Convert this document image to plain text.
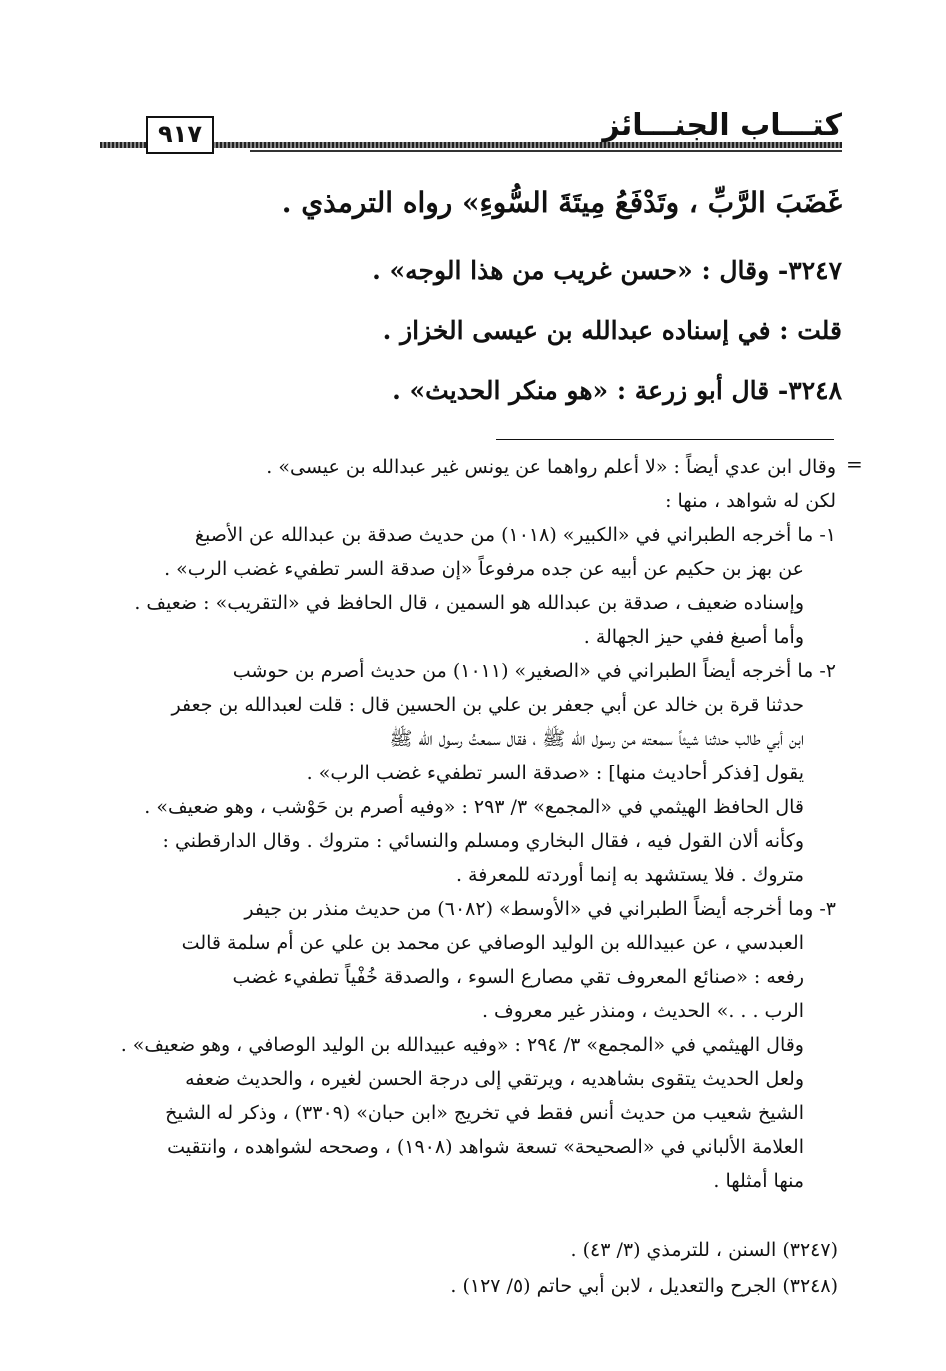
كتـــاب الجنـــائز
٩١٧
غَضَبَ الرَّبِّ ، وتَدْفَعُ مِيتَةَ السُّوءِ» رواه الترمذي .
٣٢٤٧- وقال : «حسن غريب من هذا الوجه» .
قلت : في إسناده عبدالله بن عيسى الخزاز .
٣٢٤٨- قال أبو زرعة : «هو منكر الحديث» .
=

وقال ابن عدي أيضاً : «لا أعلم رواهما عن يونس غير عبدالله بن عيسى» .

لكن له شواهد ، منها :

١- ما أخرجه الطبراني في «الكبير» (١٠١٨) من حديث صدقة بن عبدالله عن الأصبغ

عن بهز بن حكيم عن أبيه عن جده مرفوعاً «إن صدقة السر تطفيء غضب الرب» .

وإسناده ضعيف ، صدقة بن عبدالله هو السمين ، قال الحافظ في «التقريب» : ضعيف .

وأما أصبغ ففي حيز الجهالة .

٢- ما أخرجه أيضاً الطبراني في «الصغير» (١٠١١) من حديث أصرم بن حوشب

حدثنا قرة بن خالد عن أبي جعفر بن علي بن الحسين قال : قلت لعبدالله بن جعفر

ابن أبي طالب حدثنا شيئاً سمعته من رسول الله ﷺ ، فقال سمعتُ رسول الله ﷺ

يقول [فذكر أحاديث منها] : «صدقة السر تطفيء غضب الرب» .

قال الحافظ الهيثمي في «المجمع» ٣/ ٢٩٣ : «وفيه أصرم بن حَوْشب ، وهو ضعيف» .

وكأنه ألان القول فيه ، فقال البخاري ومسلم والنسائي : متروك . وقال الدارقطني :

متروك . فلا يستشهد به إنما أوردته للمعرفة .

٣- وما أخرجه أيضاً الطبراني في «الأوسط» (٦٠٨٢) من حديث منذر بن جيفر

العبدسي ، عن عبيدالله بن الوليد الوصافي عن محمد بن علي عن أم سلمة قالت

رفعه : «صنائع المعروف تقي مصارع السوء ، والصدقة خُفْياً تطفيء غضب

الرب . . .» الحديث ، ومنذر غير معروف .

وقال الهيثمي في «المجمع» ٣/ ٢٩٤ : «وفيه عبيدالله بن الوليد الوصافي ، وهو ضعيف» .

ولعل الحديث يتقوى بشاهديه ، ويرتقي إلى درجة الحسن لغيره ، والحديث ضعفه

الشيخ شعيب من حديث أنس فقط في تخريج «ابن حبان» (٣٣٠٩) ، وذكر له الشيخ

العلامة الألباني في «الصحيحة» تسعة شواهد (١٩٠٨) ، وصححه لشواهده ، وانتقيت

منها أمثلها .

(٣٢٤٧) السنن ، للترمذي (٣/ ٤٣) .

(٣٢٤٨) الجرح والتعديل ، لابن أبي حاتم (٥/ ١٢٧) .
